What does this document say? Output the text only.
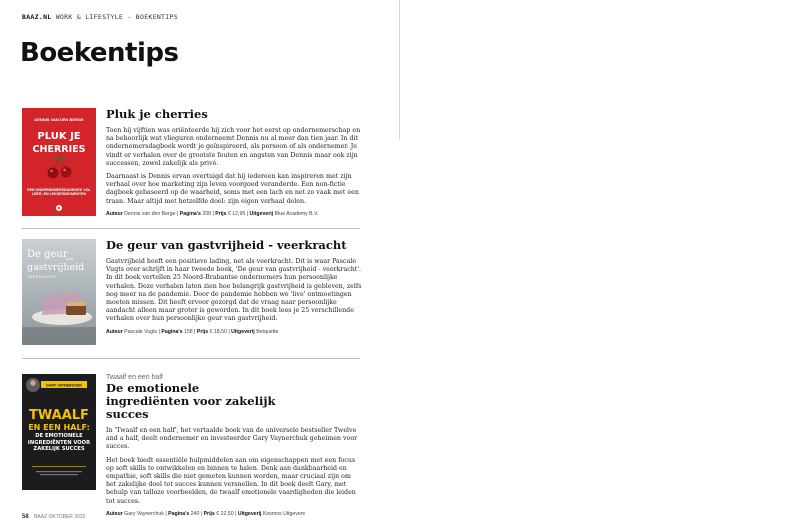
BAAZ.NL WORK & LIFESTYLE - BOEKENTIPS
Boekentips
DENNIS VAN DEN BERGE
PLUK JE
CHERRIES
EEN ONDERNEMERSDAGBOEK VOL LEER- EN LEIDERSMOMENTEN
Pluk je cherries

Toen hij vijftien was oriënteerde hij zich voor het eerst op ondernemerschap en na behoorlijk wat vlieguren onderneemt Dennis nu al meer dan tien jaar. In dit ondernemersdagboek wordt je geïnspireerd, als persoon of als ondernemer. Je vindt er verhalen over de grootste fouten en angsten van Dennis maar ook zijn successen, zowel zakelijk als privé.

Daarnaast is Dennis ervan overtuigd dat hij iedereen kan inspireren met zijn verhaal over hoe marketing zijn leven voorgoed veranderde. Een non-fictie dagboek gebaseerd op de waarheid, soms met een lach en net zo vaak met een traan. Maar altijd met hetzelfde doel: zijn eigen verhaal delen.

Auteur Dennis van den Berge | Pagina's 208 | Prijs € 12,95 | Uitgeverij Blue Academy B.V.
De geur
van
gastvrijheid
VEERKRACHT
De geur van gastvrijheid - veerkracht

Gastvrijheid heeft een positieve lading, net als veerkracht. Dit is waar Pascale Vugts over schrijft in haar tweede boek, 'De geur van gastvrijheid - veerkracht'. In dit boek vertellen 25 Noord-Brabantse ondernemers hun persoonlijke verhalen. Deze verhalen laten zien hoe belangrijk gastvrijheid is gebleven, zelfs nog meer na de pandemie. Door de pandemie hebben we 'live' ontmoetingen moeten missen. Dit heeft ervoor gezorgd dat de vraag naar persoonlijke aandacht alleen maar groter is geworden. In dit boek lees je 25 verschillende verhalen over hun persoonlijke geur van gastvrijheid.

Auteur Pascale Vugts | Pagina's 158 | Prijs € 18,50 | Uitgeverij Betquette
GARY VAYNERCHUK
TWAALF
EN EEN HALF:
DE EMOTIONELE INGREDIËNTEN VOOR ZAKELIJK SUCCES

Twaalf en een half

De emotionele ingrediënten voor zakelijk succes

In 'Twaalf en een half', het vertaalde boek van de universele bestseller Twelve and a half, deelt ondernemer en investeerder Gary Vaynerchuk geheimen voor succes.

Het boek biedt essentiële hulpmiddelen aan om eigenschappen met een focus op soft skills te ontwikkelen en binnen te halen. Denk aan dankbaarheid en empathie, soft skills die niet gemeten kunnen worden, maar cruciaal zijn om het zakelijke doel tot succes kunnen versnellen. In dit boek deelt Gary, met behulp van talloze voorbeelden, de twaalf emotionele vaardigheden die leiden tot succes.

Auteur Gary Vaynerchuk | Pagina's 240 | Prijs € 22,50 | Uitgeverij Kosmos Uitgevers
58 BAAZ OKTOBER 2022
